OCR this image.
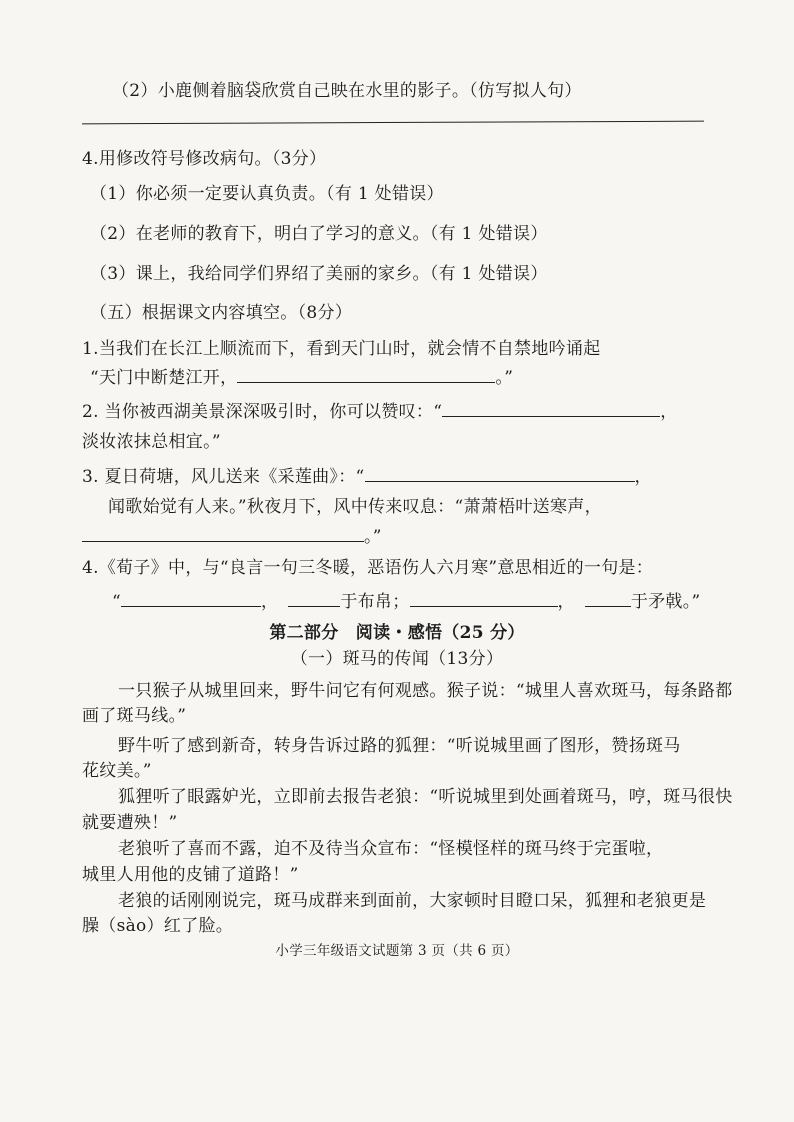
（2）小鹿侧着脑袋欣赏自己映在水里的影子。（仿写拟人句）
4.用修改符号修改病句。（3分）
（1）你必须一定要认真负责。（有 1 处错误）
（2）在老师的教育下，明白了学习的意义。（有 1 处错误）
（3）课上，我给同学们界绍了美丽的家乡。（有 1 处错误）
（五）根据课文内容填空。（8分）
1.当我们在长江上顺流而下，看到天门山时，就会情不自禁地吟诵起
“天门中断楚江开，	。”
2. 当你被西湖美景深深吸引时，你可以赞叹：“	，
淡妆浓抹总相宜。”
3. 夏日荷塘，风儿送来《采莲曲》：“	，
闻歌始觉有人来。”秋夜月下，风中传来叹息：“萧萧梧叶送寒声，
。”
4.《荀子》中，与“良言一句三冬暖，恶语伤人六月寒”意思相近的一句是：
“	，	于布帛；	，	于矛戟。”
第二部分　阅读・感悟（25 分）
（一）斑马的传闻（13分）
一只猴子从城里回来，野牛问它有何观感。猴子说：“城里人喜欢斑马，每条路都
画了斑马线。”
野牛听了感到新奇，转身告诉过路的狐狸：“听说城里画了图形，赞扬斑马
花纹美。”
狐狸听了眼露妒光，立即前去报告老狼：“听说城里到处画着斑马，哼，斑马很快
就要遭殃！”
老狼听了喜而不露，迫不及待当众宣布：“怪模怪样的斑马终于完蛋啦，
城里人用他的皮铺了道路！”
老狼的话刚刚说完，斑马成群来到面前，大家顿时目瞪口呆，狐狸和老狼更是
臊（sào）红了脸。
小学三年级语文试题第 3 页（共 6 页）
